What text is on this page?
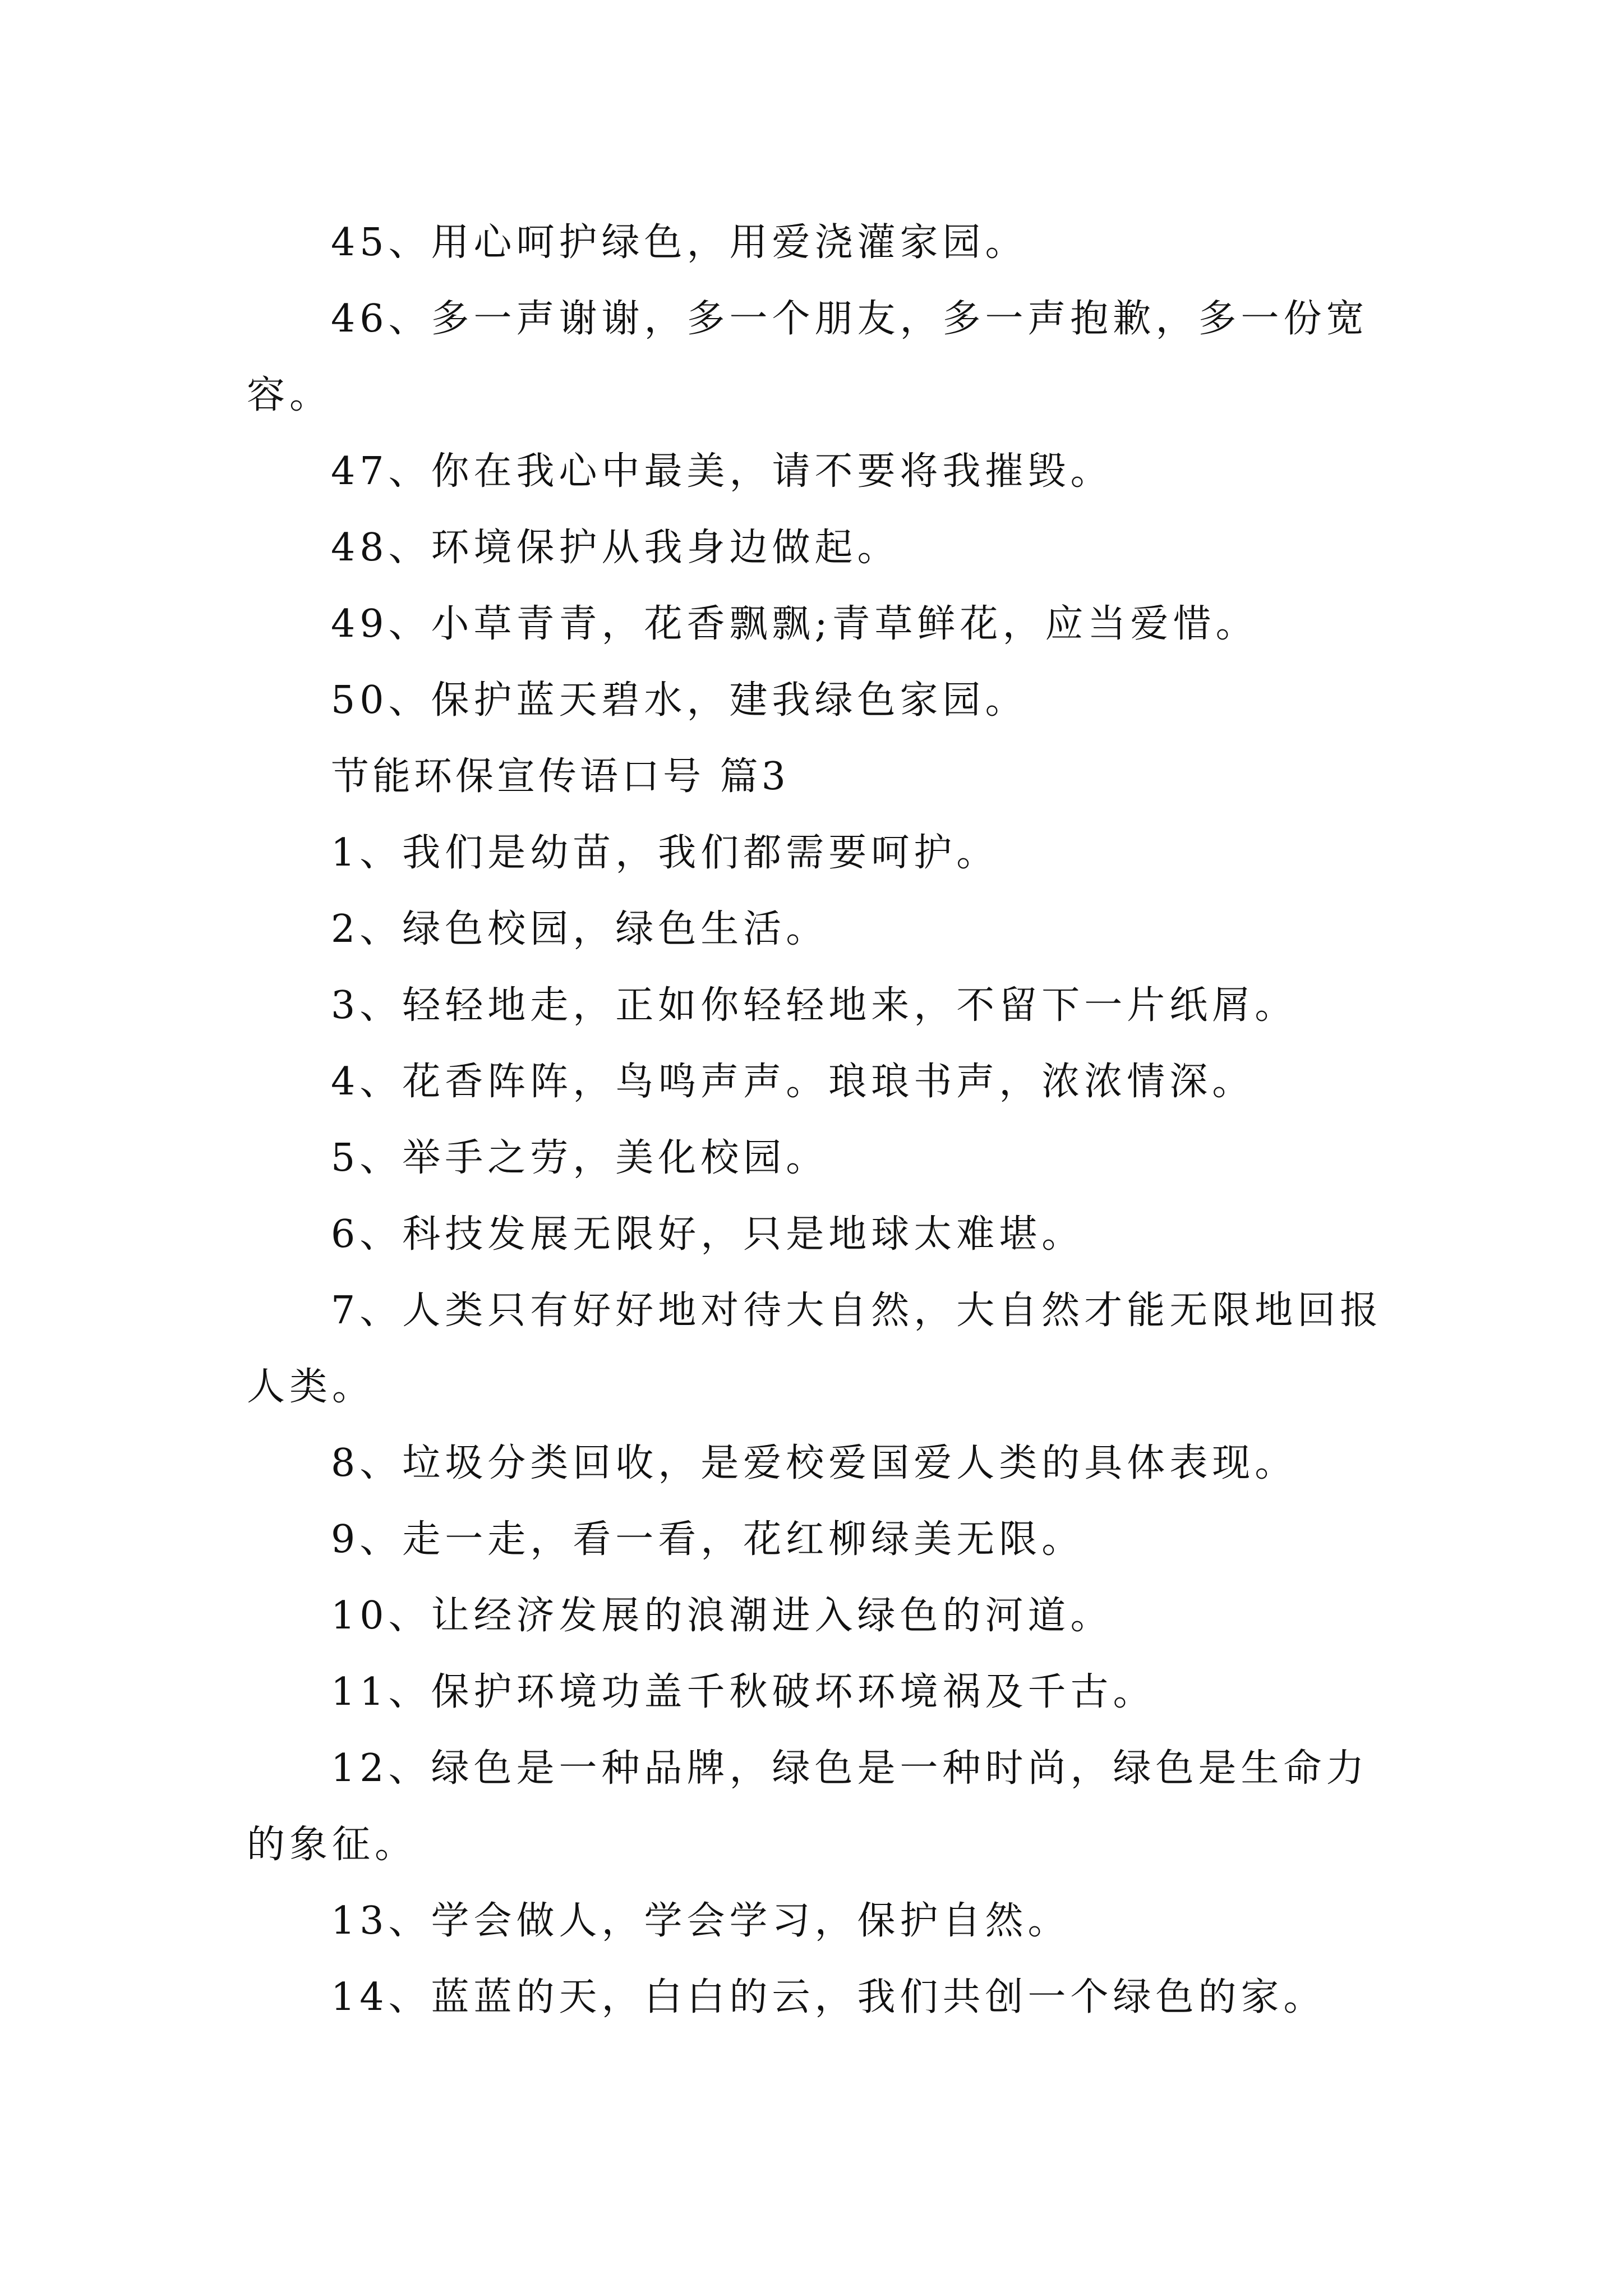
45、用心呵护绿色，用爱浇灌家园。

46、多一声谢谢，多一个朋友，多一声抱歉，多一份宽容。

47、你在我心中最美，请不要将我摧毁。

48、环境保护从我身边做起。

49、小草青青，花香飘飘;青草鲜花，应当爱惜。

50、保护蓝天碧水，建我绿色家园。

节能环保宣传语口号 篇3

1、我们是幼苗，我们都需要呵护。

2、绿色校园，绿色生活。

3、轻轻地走，正如你轻轻地来，不留下一片纸屑。

4、花香阵阵，鸟鸣声声。琅琅书声，浓浓情深。

5、举手之劳，美化校园。

6、科技发展无限好，只是地球太难堪。

7、人类只有好好地对待大自然，大自然才能无限地回报人类。

8、垃圾分类回收，是爱校爱国爱人类的具体表现。

9、走一走，看一看，花红柳绿美无限。

10、让经济发展的浪潮进入绿色的河道。

11、保护环境功盖千秋破坏环境祸及千古。

12、绿色是一种品牌，绿色是一种时尚，绿色是生命力的象征。

13、学会做人，学会学习，保护自然。

14、蓝蓝的天，白白的云，我们共创一个绿色的家。
